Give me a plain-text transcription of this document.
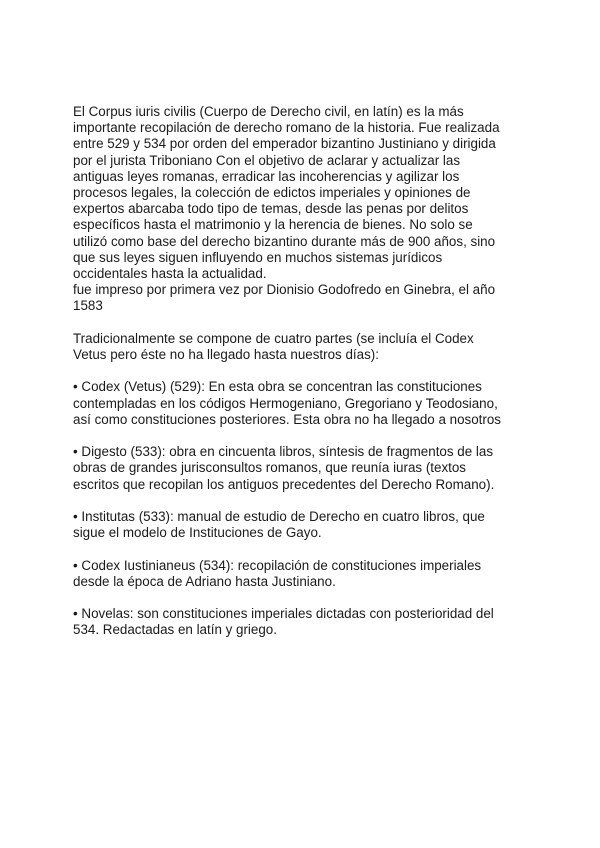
El Corpus iuris civilis (Cuerpo de Derecho civil, en latín) es la más
importante recopilación de derecho romano de la historia. Fue realizada
entre 529 y 534 por orden del emperador bizantino Justiniano y dirigida
por el jurista Triboniano Con el objetivo de aclarar y actualizar las
antiguas leyes romanas, erradicar las incoherencias y agilizar los
procesos legales, la colección de edictos imperiales y opiniones de
expertos abarcaba todo tipo de temas, desde las penas por delitos
específicos hasta el matrimonio y la herencia de bienes. No solo se
utilizó como base del derecho bizantino durante más de 900 años, sino
que sus leyes siguen influyendo en muchos sistemas jurídicos
occidentales hasta la actualidad.
fue impreso por primera vez por Dionisio Godofredo en Ginebra, el año
1583
Tradicionalmente se compone de cuatro partes (se incluía el Codex
Vetus pero éste no ha llegado hasta nuestros días):
• Codex (Vetus) (529): En esta obra se concentran las constituciones
contempladas en los códigos Hermogeniano, Gregoriano y Teodosiano,
así como constituciones posteriores. Esta obra no ha llegado a nosotros
• Digesto (533): obra en cincuenta libros, síntesis de fragmentos de las
obras de grandes jurisconsultos romanos, que reunía iuras (textos
escritos que recopilan los antiguos precedentes del Derecho Romano).
• Institutas (533): manual de estudio de Derecho en cuatro libros, que
sigue el modelo de Instituciones de Gayo.
• Codex Iustinianeus (534): recopilación de constituciones imperiales
desde la época de Adriano hasta Justiniano.
• Novelas: son constituciones imperiales dictadas con posterioridad del
534. Redactadas en latín y griego.
